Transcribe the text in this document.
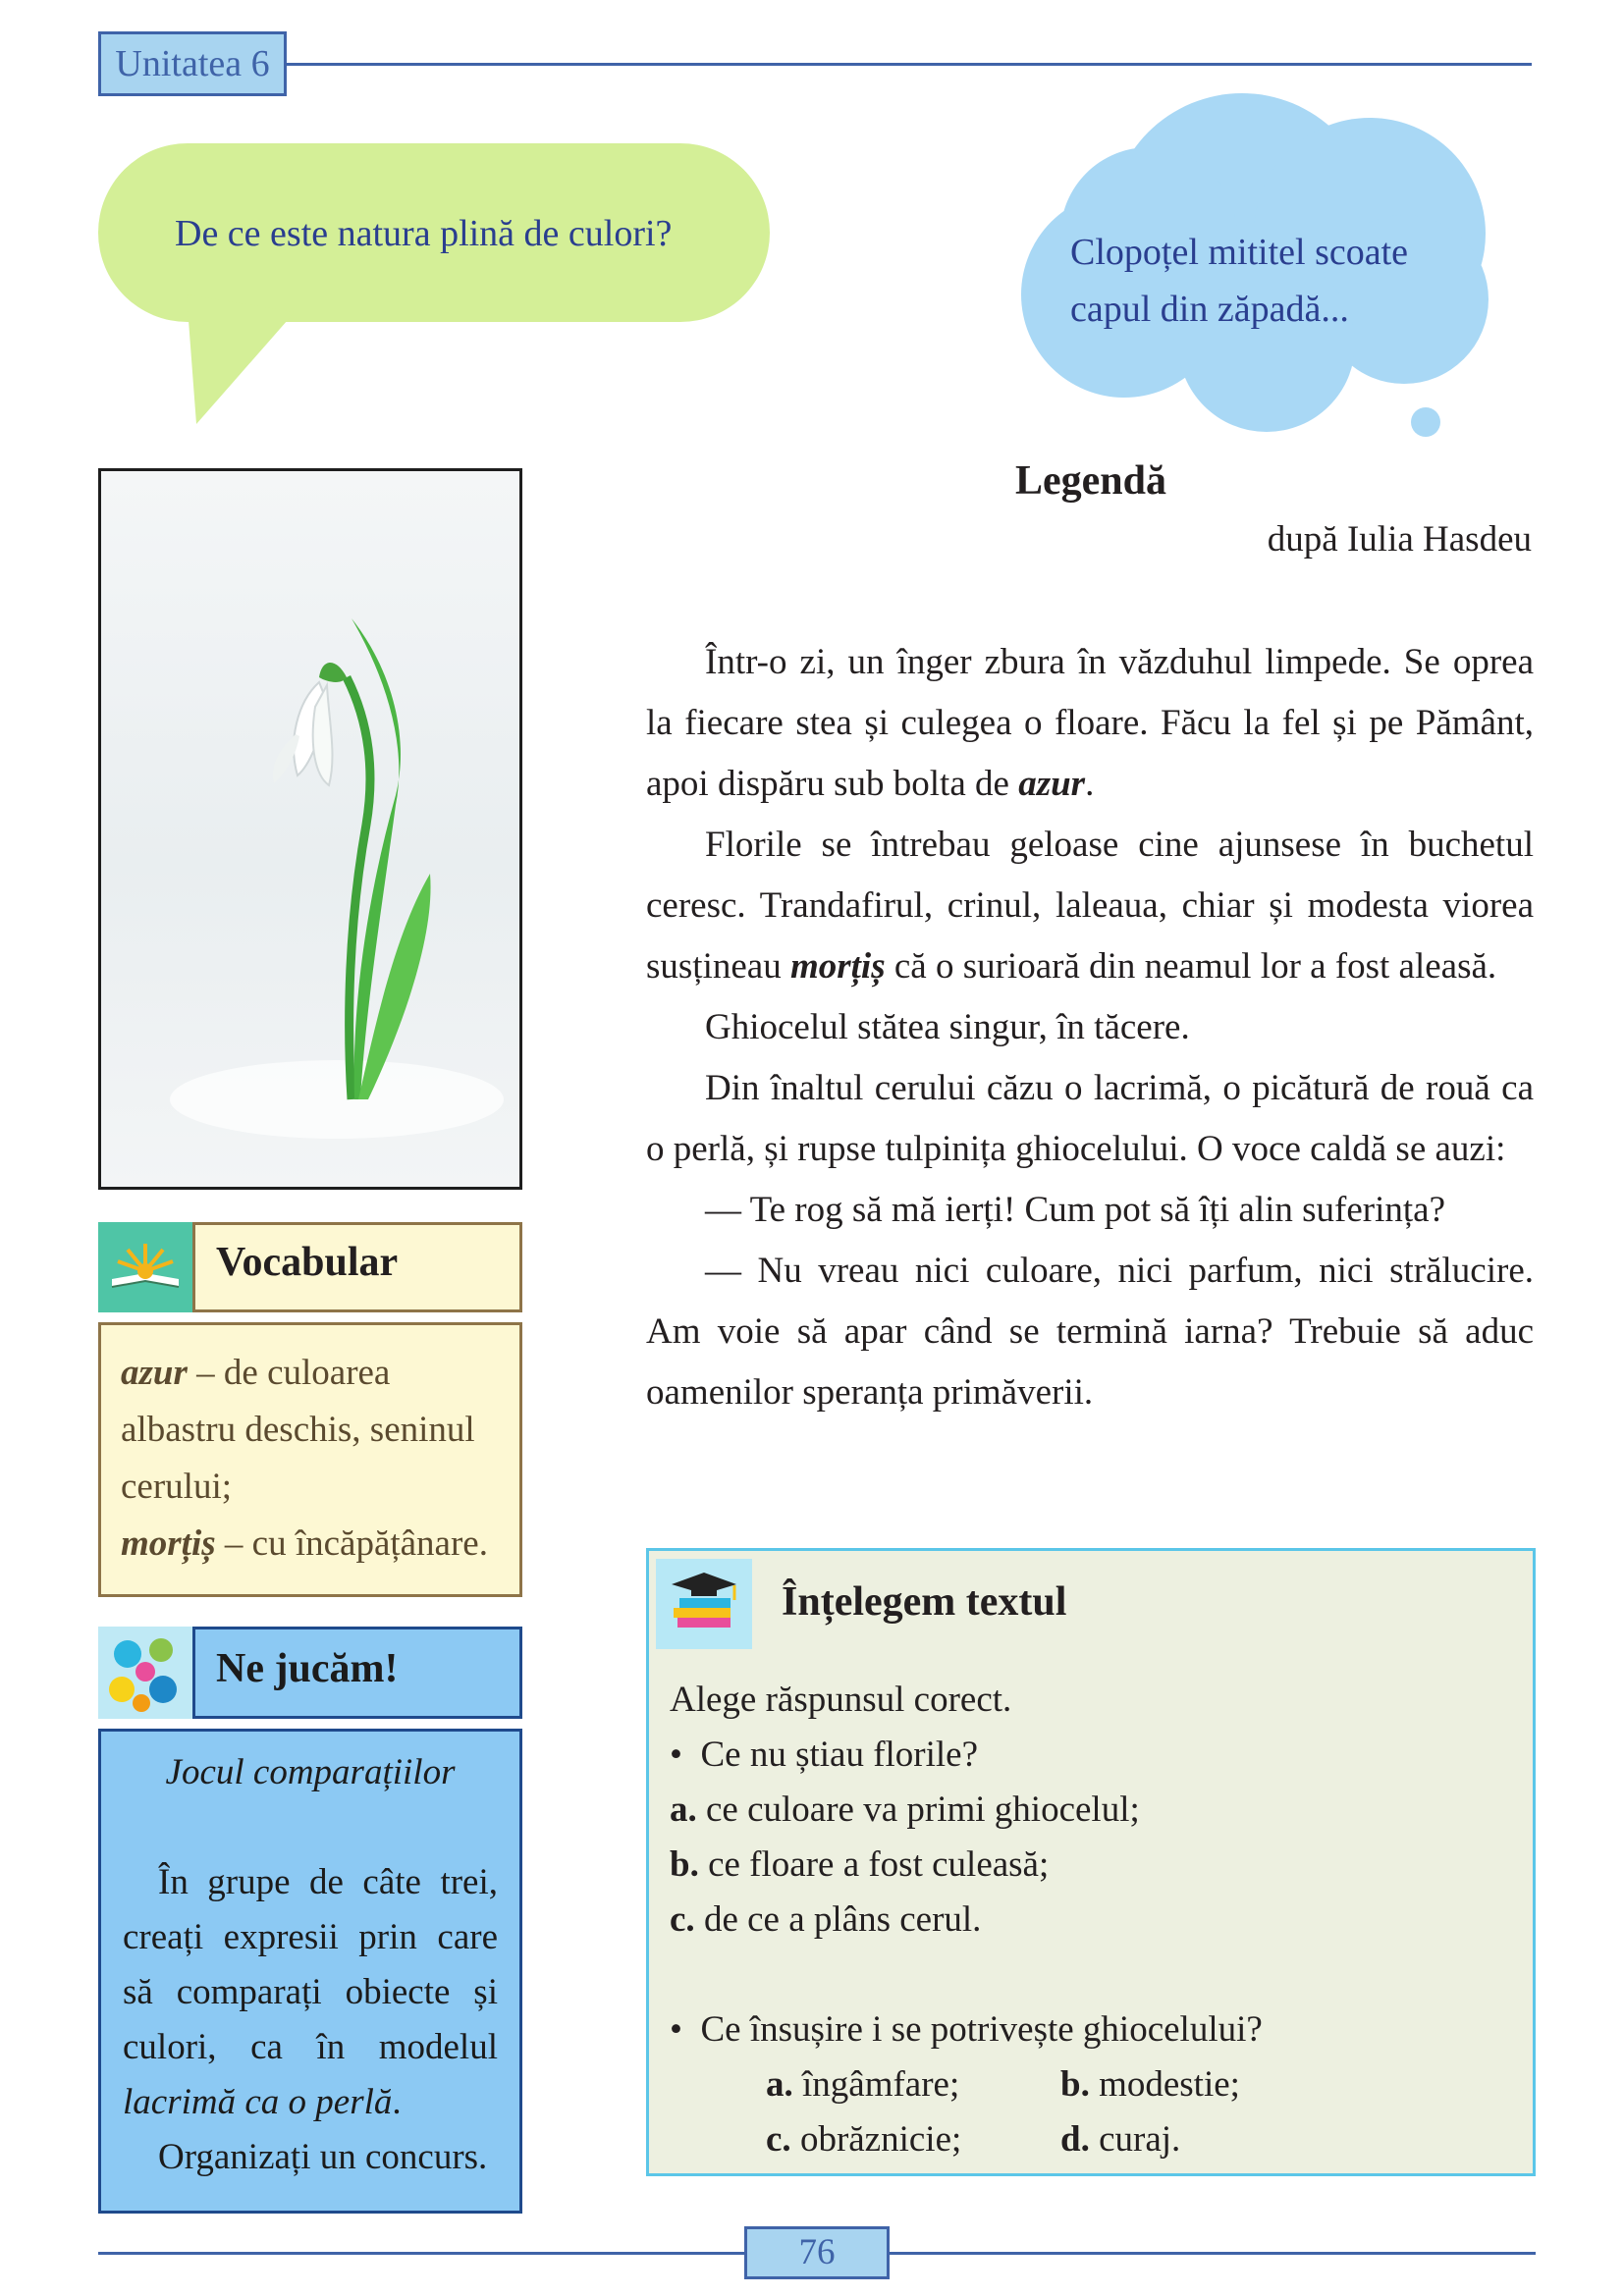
Unitatea 6
De ce este natura plină de culori?	Clopoțel mititel scoate
capul din zăpadă...
Vocabular
azur – de culoarea albastru deschis, seninul cerului;
morțiș – cu încăpățânare.
Ne jucăm!
Jocul comparațiilor
În grupe de câte trei, creați expresii prin care să comparați obiecte și culori, ca în modelul lacrimă ca o perlă.
Organizați un concurs.
Legendă
după Iulia Hasdeu

Într-o zi, un înger zbura în văzduhul limpede. Se oprea la fiecare stea și culegea o floare. Făcu la fel și pe Pământ, apoi dispăru sub bolta de azur.

Florile se întrebau geloase cine ajunsese în buchetul ceresc. Trandafirul, crinul, laleaua, chiar și modesta viorea susțineau morțiș că o surioară din neamul lor a fost aleasă.

Ghiocelul stătea singur, în tăcere.

Din înaltul cerului căzu o lacrimă, o picătură de rouă ca o perlă, și rupse tulpinița ghiocelului. O voce caldă se auzi:

— Te rog să mă ierți! Cum pot să îți alin suferința?

— Nu vreau nici culoare, nici parfum, nici strălucire. Am voie să apar când se termină iarna? Trebuie să aduc oamenilor speranța primăverii.

Înțelegem textul
Alege răspunsul corect.
•  Ce nu știau florile?
a. ce culoare va primi ghiocelul;
b. ce floare a fost culeasă;
c. de ce a plâns cerul.
•  Ce însușire i se potrivește ghiocelului?
a. îngâmfare;	b. modestie;
c. obrăznicie;	d. curaj.
76
